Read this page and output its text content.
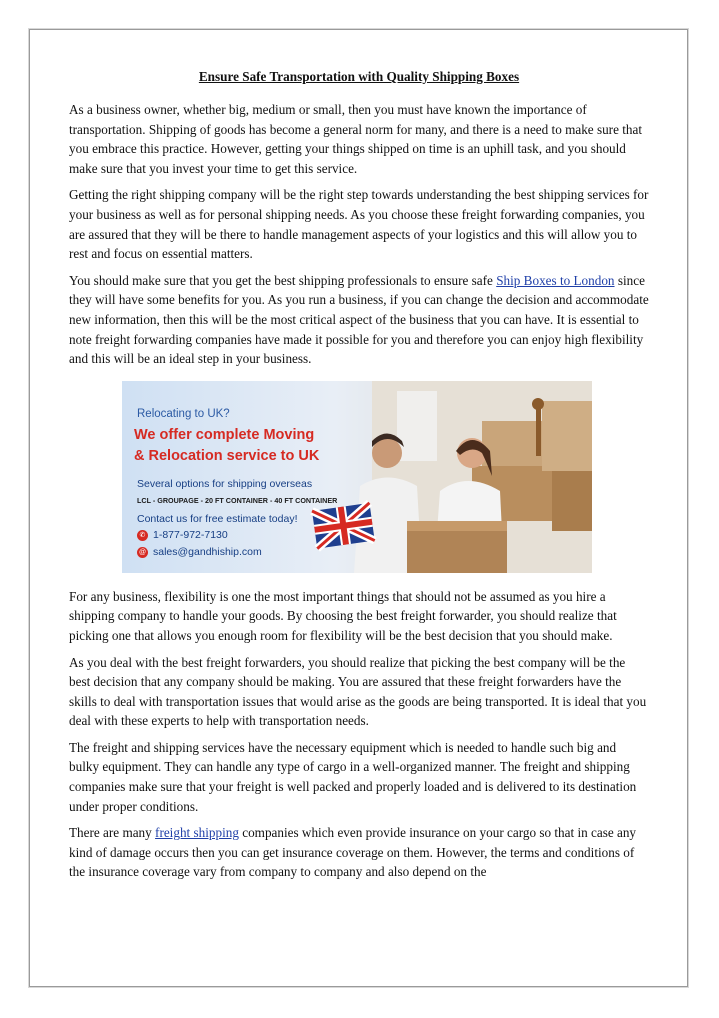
Ensure Safe Transportation with Quality Shipping Boxes

As a business owner, whether big, medium or small, then you must have known the importance of transportation. Shipping of goods has become a general norm for many, and there is a need to make sure that you embrace this practice. However, getting your things shipped on time is an uphill task, and you should make sure that you invest your time to get this service.

Getting the right shipping company will be the right step towards understanding the best shipping services for your business as well as for personal shipping needs. As you choose these freight forwarding companies, you are assured that they will be there to handle management aspects of your logistics and this will allow you to rest and focus on essential matters.

You should make sure that you get the best shipping professionals to ensure safe Ship Boxes to London since they will have some benefits for you. As you run a business, if you can change the decision and accommodate new information, then this will be the most critical aspect of the business that you can have. It is essential to note freight forwarding companies have made it possible for you and therefore you can enjoy high flexibility and this will be an ideal step in your business.

Relocating to UK?
We offer complete Moving
& Relocation service to UK
Several options for shipping overseas
LCL - GROUPAGE - 20 FT CONTAINER - 40 FT CONTAINER
Contact us for free estimate today!
✆ 1-877-972-7130
@ sales@gandhiship.com

For any business, flexibility is one the most important things that should not be assumed as you hire a shipping company to handle your goods. By choosing the best freight forwarder, you should realize that picking one that allows you enough room for flexibility will be the best decision that you should make.

As you deal with the best freight forwarders, you should realize that picking the best company will be the best decision that any company should be making. You are assured that these freight forwarders have the skills to deal with transportation issues that would arise as the goods are being transported. It is ideal that you deal with these experts to help with transportation needs.

The freight and shipping services have the necessary equipment which is needed to handle such big and bulky equipment. They can handle any type of cargo in a well-organized manner. The freight and shipping companies make sure that your freight is well packed and properly loaded and is delivered to its destination under proper conditions.

There are many freight shipping companies which even provide insurance on your cargo so that in case any kind of damage occurs then you can get insurance coverage on them. However, the terms and conditions of the insurance coverage vary from company to company and also depend on the
